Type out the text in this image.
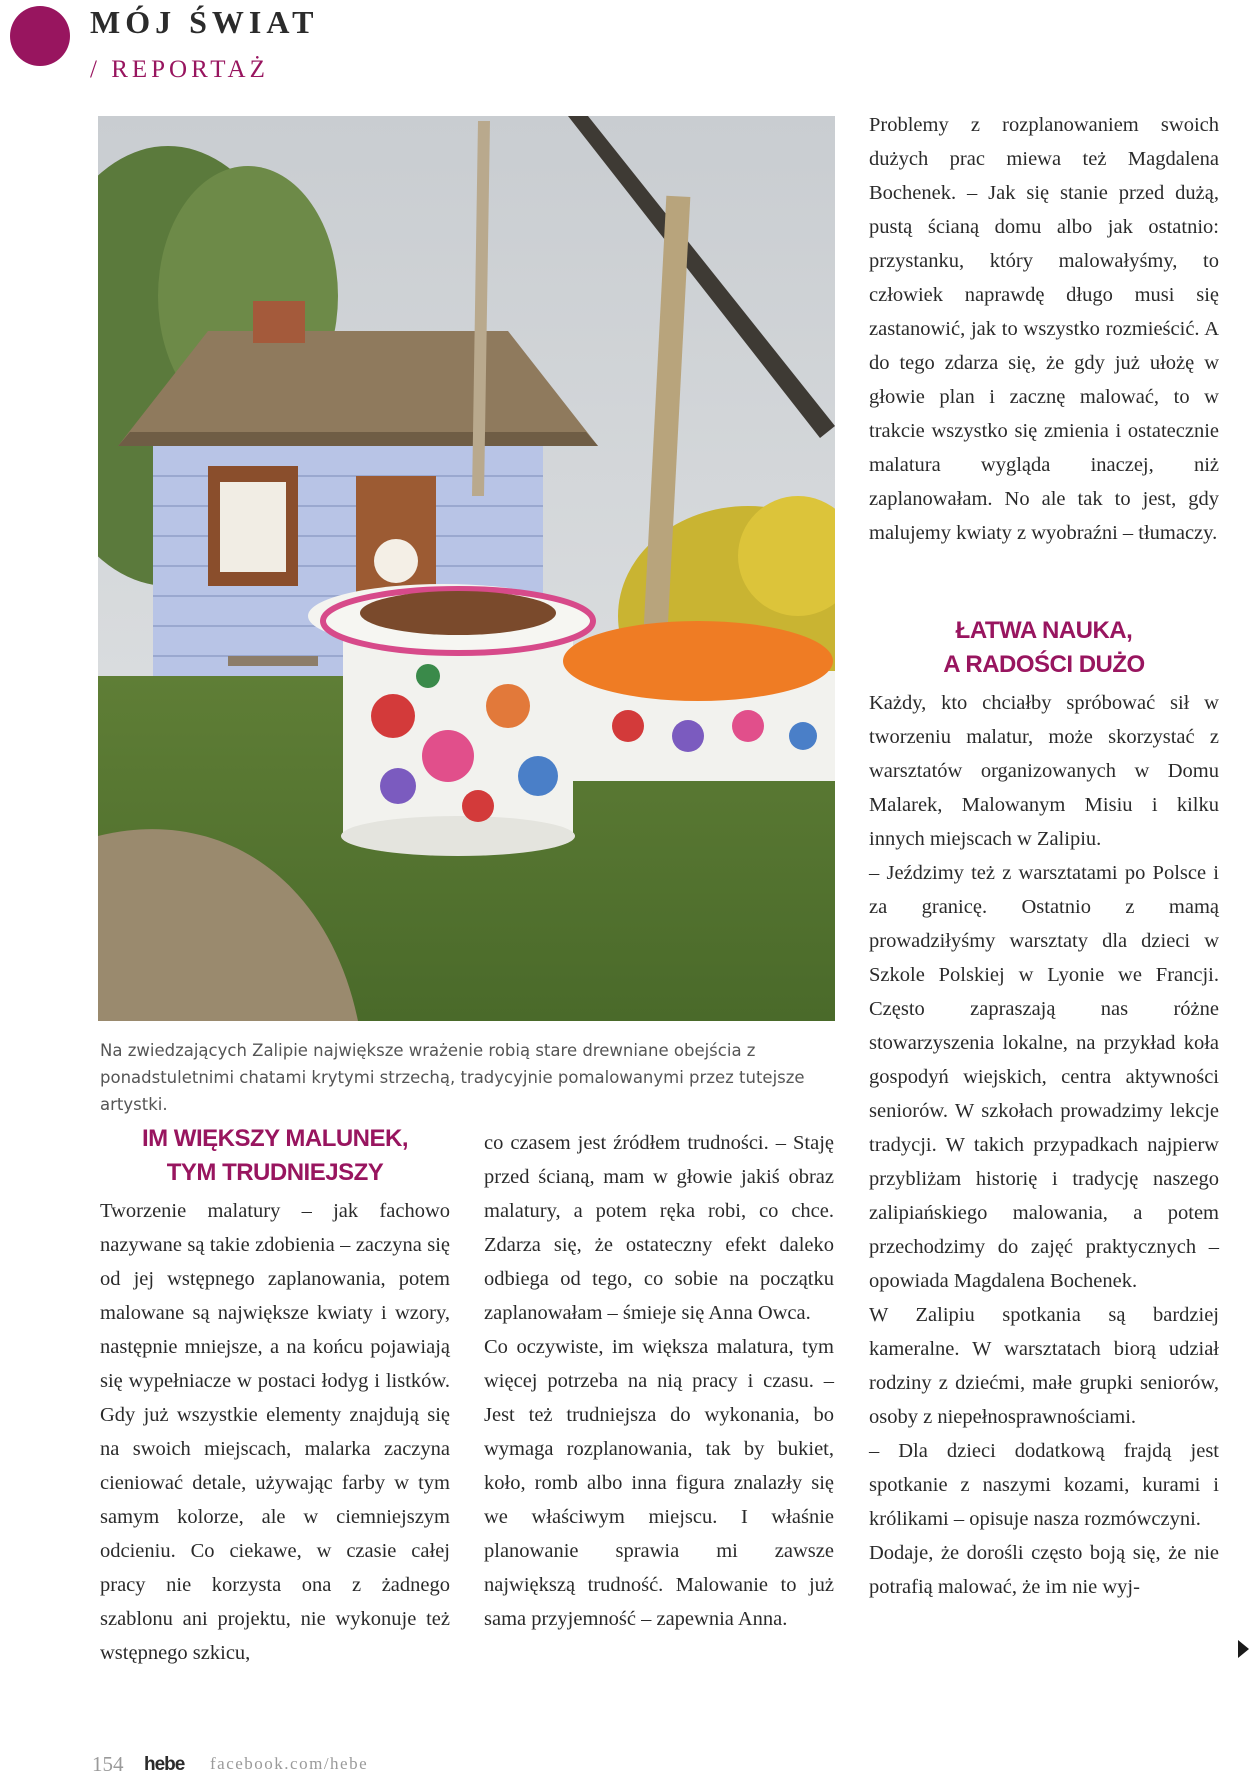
MÓJ ŚWIAT
/ REPORTAŻ

Na zwiedzających Zalipie największe wrażenie robią stare drewniane obejścia z ponadstuletnimi chatami krytymi strzechą, tradycyjnie pomalowanymi przez tutejsze artystki.

IM WIĘKSZY MALUNEK,
TYM TRUDNIEJSZY

Tworzenie malatury – jak fachowo nazywane są takie zdobienia – zaczyna się od jej wstępnego zaplanowania, potem malowane są największe kwiaty i wzory, następnie mniejsze, a na końcu pojawiają się wypełniacze w postaci łodyg i listków. Gdy już wszystkie elementy znajdują się na swoich miejscach, malarka zaczyna cieniować detale, używając farby w tym samym kolorze, ale w ciemniejszym odcieniu. Co ciekawe, w czasie całej pracy nie korzysta ona z żadnego szablonu ani projektu, nie wykonuje też wstępnego szkicu,

co czasem jest źródłem trudności. – Staję przed ścianą, mam w głowie jakiś obraz malatury, a potem ręka robi, co chce. Zdarza się, że ostateczny efekt daleko odbiega od tego, co sobie na początku zaplanowałam – śmieje się Anna Owca.

Co oczywiste, im większa malatura, tym więcej potrzeba na nią pracy i czasu. – Jest też trudniejsza do wykonania, bo wymaga rozplanowania, tak by bukiet, koło, romb albo inna figura znalazły się we właściwym miejscu. I właśnie planowanie sprawia mi zawsze największą trudność. Malowanie to już sama przyjemność – zapewnia Anna.

Problemy z rozplanowaniem swoich dużych prac miewa też Magdalena Bochenek. – Jak się stanie przed dużą, pustą ścianą domu albo jak ostatnio: przystanku, który malowałyśmy, to człowiek naprawdę długo musi się zastanowić, jak to wszystko rozmieścić. A do tego zdarza się, że gdy już ułożę w głowie plan i zacznę malować, to w trakcie wszystko się zmienia i ostatecznie malatura wygląda inaczej, niż zaplanowałam. No ale tak to jest, gdy malujemy kwiaty z wyobraźni – tłumaczy.

ŁATWA NAUKA,
A RADOŚCI DUŻO

Każdy, kto chciałby spróbować sił w tworzeniu malatur, może skorzystać z warsztatów organizowanych w Domu Malarek, Malowanym Misiu i kilku innych miejscach w Zalipiu.

– Jeździmy też z warsztatami po Polsce i za granicę. Ostatnio z mamą prowadziłyśmy warsztaty dla dzieci w Szkole Polskiej w Lyonie we Francji. Często zapraszają nas różne stowarzyszenia lokalne, na przykład koła gospodyń wiejskich, centra aktywności seniorów. W szkołach prowadzimy lekcje tradycji. W takich przypadkach najpierw przybliżam historię i tradycję naszego zalipiańskiego malowania, a potem przechodzimy do zajęć praktycznych – opowiada Magdalena Bochenek.

W Zalipiu spotkania są bardziej kameralne. W warsztatach biorą udział rodziny z dziećmi, małe grupki seniorów, osoby z niepełnosprawnościami.

– Dla dzieci dodatkową frajdą jest spotkanie z naszymi kozami, kurami i królikami – opisuje nasza rozmówczyni.

Dodaje, że dorośli często boją się, że nie potrafią malować, że im nie wyj-

154 hebe facebook.com/hebe
